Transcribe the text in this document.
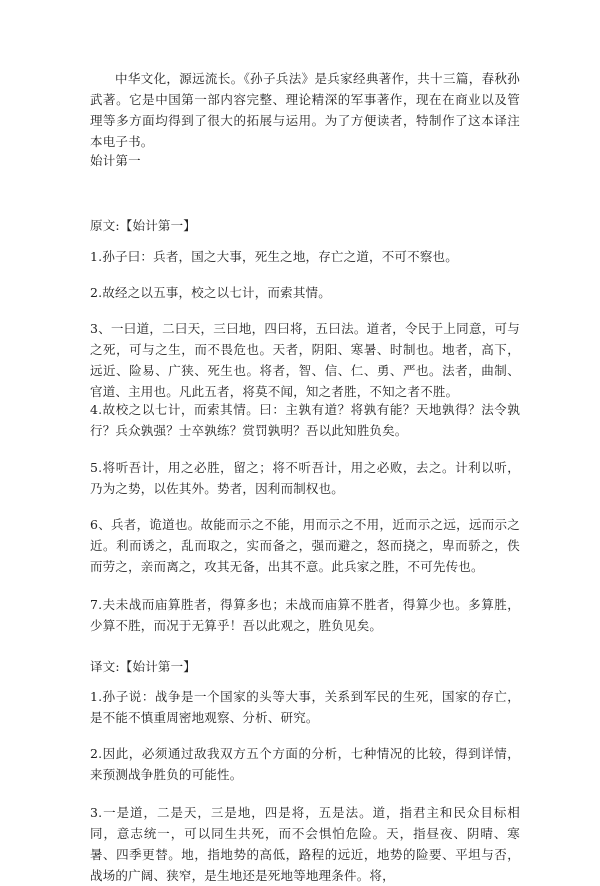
中华文化，源远流长。《孙子兵法》是兵家经典著作，共十三篇，春秋孙武著。它是中国第一部内容完整、理论精深的军事著作，现在在商业以及管理等多方面均得到了很大的拓展与运用。为了方便读者，特制作了这本译注本电子书。

始计第一

原文:【始计第一】

1.孙子曰：兵者，国之大事，死生之地，存亡之道，不可不察也。

2.故经之以五事，校之以七计，而索其情。

3、一曰道，二曰天，三曰地，四曰将，五曰法。道者，令民于上同意，可与之死，可与之生，而不畏危也。天者，阴阳、寒暑、时制也。地者，高下，远近、险易、广狭、死生也。将者，智、信、仁、勇、严也。法者，曲制、官道、主用也。凡此五者，将莫不闻，知之者胜，不知之者不胜。

4.故校之以七计，而索其情。曰：主孰有道？将孰有能？天地孰得？法令孰行？兵众孰强？士卒孰练？赏罚孰明？吾以此知胜负矣。

5.将听吾计，用之必胜，留之；将不听吾计，用之必败，去之。计利以听，乃为之势，以佐其外。势者，因利而制权也。

6、兵者，诡道也。故能而示之不能，用而示之不用，近而示之远，远而示之近。利而诱之，乱而取之，实而备之，强而避之，怒而挠之，卑而骄之，佚而劳之，亲而离之，攻其无备，出其不意。此兵家之胜，不可先传也。

7.夫未战而庙算胜者，得算多也；未战而庙算不胜者，得算少也。多算胜，少算不胜，而况于无算乎！吾以此观之，胜负见矣。

译文:【始计第一】

1.孙子说：战争是一个国家的头等大事，关系到军民的生死，国家的存亡，是不能不慎重周密地观察、分析、研究。

2.因此，必须通过敌我双方五个方面的分析，七种情况的比较，得到详情，来预测战争胜负的可能性。

3.一是道，二是天，三是地，四是将，五是法。道，指君主和民众目标相同，意志统一，可以同生共死，而不会惧怕危险。天，指昼夜、阴晴、寒暑、四季更替。地，指地势的高低，路程的远近，地势的险要、平坦与否，战场的广阔、狭窄，是生地还是死地等地理条件。将，
